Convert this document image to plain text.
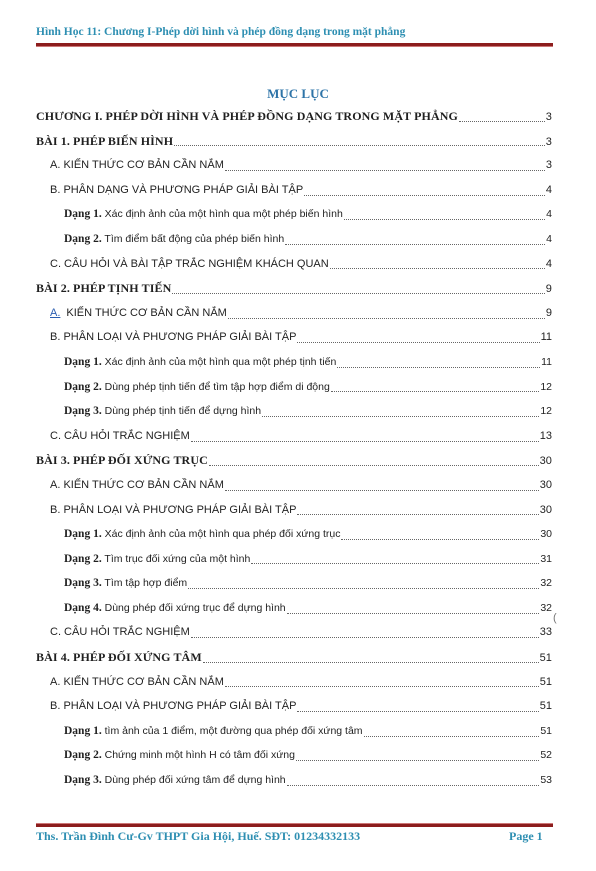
Hình Học 11: Chương I-Phép dời hình và phép đồng dạng trong mặt phẳng
MỤC LỤC
CHƯƠNG I. PHÉP DỜI HÌNH VÀ PHÉP ĐỒNG DẠNG TRONG MẶT PHẲNG	3
BÀI 1. PHÉP BIẾN HÌNH	3
A. KIẾN THỨC CƠ BẢN CẦN NẮM	3
B. PHÂN DẠNG VÀ PHƯƠNG PHÁP GIẢI BÀI TẬP	4
Dạng 1. Xác định ảnh của một hình qua một phép biến hình	4
Dạng 2. Tìm điểm bất động của phép biến hình	4
C. CÂU HỎI VÀ BÀI TẬP TRẮC NGHIỆM KHÁCH QUAN	4
BÀI 2. PHÉP TỊNH TIẾN	9
A. KIẾN THỨC CƠ BẢN CẦN NẮM	9
B. PHÂN LOẠI VÀ PHƯƠNG PHÁP GIẢI BÀI TẬP	11
Dạng 1. Xác định ảnh của một hình qua một phép tịnh tiến	11
Dạng 2. Dùng phép tịnh tiến để tìm tập hợp điểm di động	12
Dạng 3. Dùng phép tịnh tiến để dựng hình	12
C. CÂU HỎI TRẮC NGHIỆM	13
BÀI 3. PHÉP ĐỐI XỨNG TRỤC	30
A. KIẾN THỨC CƠ BẢN CẦN NẮM	30
B. PHÂN LOẠI VÀ PHƯƠNG PHÁP GIẢI BÀI TẬP	30
Dạng 1. Xác định ảnh của một hình qua phép đối xứng trục	30
Dạng 2. Tìm trục đối xứng của một hình	31
Dạng 3. Tìm tập hợp điểm	32
Dạng 4. Dùng phép đối xứng trục để dựng hình	32
C. CÂU HỎI TRẮC NGHIỆM	33
BÀI 4. PHÉP ĐỐI XỨNG TÂM	51
A. KIẾN THỨC CƠ BẢN CẦN NẮM	51
B. PHÂN LOẠI VÀ PHƯƠNG PHÁP GIẢI BÀI TẬP	51
Dạng 1. tìm ảnh của 1 điểm, một đường qua phép đối xứng tâm	51
Dạng 2. Chứng minh một hình H có tâm đối xứng	52
Dạng 3. Dùng phép đối xứng tâm để dựng hình	53
(
Ths. Trần Đình Cư-Gv THPT Gia Hội, Huế. SĐT: 01234332133	Page 1
